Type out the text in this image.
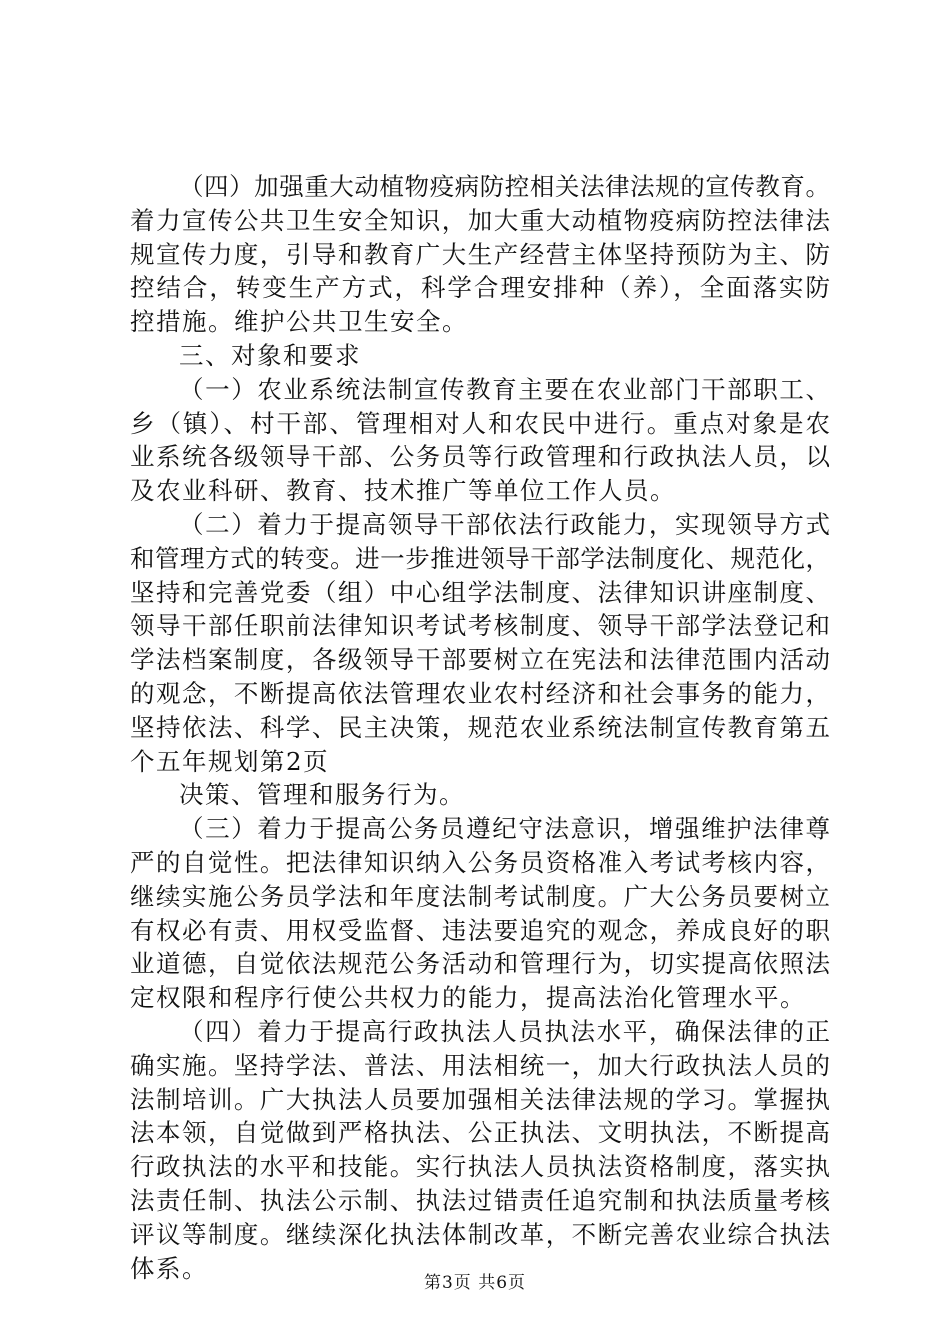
（四）加强重大动植物疫病防控相关法律法规的宣传教育。
着力宣传公共卫生安全知识，加大重大动植物疫病防控法律法
规宣传力度，引导和教育广大生产经营主体坚持预防为主、防
控结合，转变生产方式，科学合理安排种（养），全面落实防
控措施。维护公共卫生安全。
三、对象和要求
（一）农业系统法制宣传教育主要在农业部门干部职工、
乡（镇）、村干部、管理相对人和农民中进行。重点对象是农
业系统各级领导干部、公务员等行政管理和行政执法人员，以
及农业科研、教育、技术推广等单位工作人员。
（二）着力于提高领导干部依法行政能力，实现领导方式
和管理方式的转变。进一步推进领导干部学法制度化、规范化，
坚持和完善党委（组）中心组学法制度、法律知识讲座制度、
领导干部任职前法律知识考试考核制度、领导干部学法登记和
学法档案制度，各级领导干部要树立在宪法和法律范围内活动
的观念，不断提高依法管理农业农村经济和社会事务的能力，
坚持依法、科学、民主决策，规范农业系统法制宣传教育第五
个五年规划第2页
决策、管理和服务行为。
（三）着力于提高公务员遵纪守法意识，增强维护法律尊
严的自觉性。把法律知识纳入公务员资格准入考试考核内容，
继续实施公务员学法和年度法制考试制度。广大公务员要树立
有权必有责、用权受监督、违法要追究的观念，养成良好的职
业道德，自觉依法规范公务活动和管理行为，切实提高依照法
定权限和程序行使公共权力的能力，提高法治化管理水平。
（四）着力于提高行政执法人员执法水平，确保法律的正
确实施。坚持学法、普法、用法相统一，加大行政执法人员的
法制培训。广大执法人员要加强相关法律法规的学习。掌握执
法本领，自觉做到严格执法、公正执法、文明执法，不断提高
行政执法的水平和技能。实行执法人员执法资格制度，落实执
法责任制、执法公示制、执法过错责任追究制和执法质量考核
评议等制度。继续深化执法体制改革，不断完善农业综合执法
体系。
第3页 共6页
